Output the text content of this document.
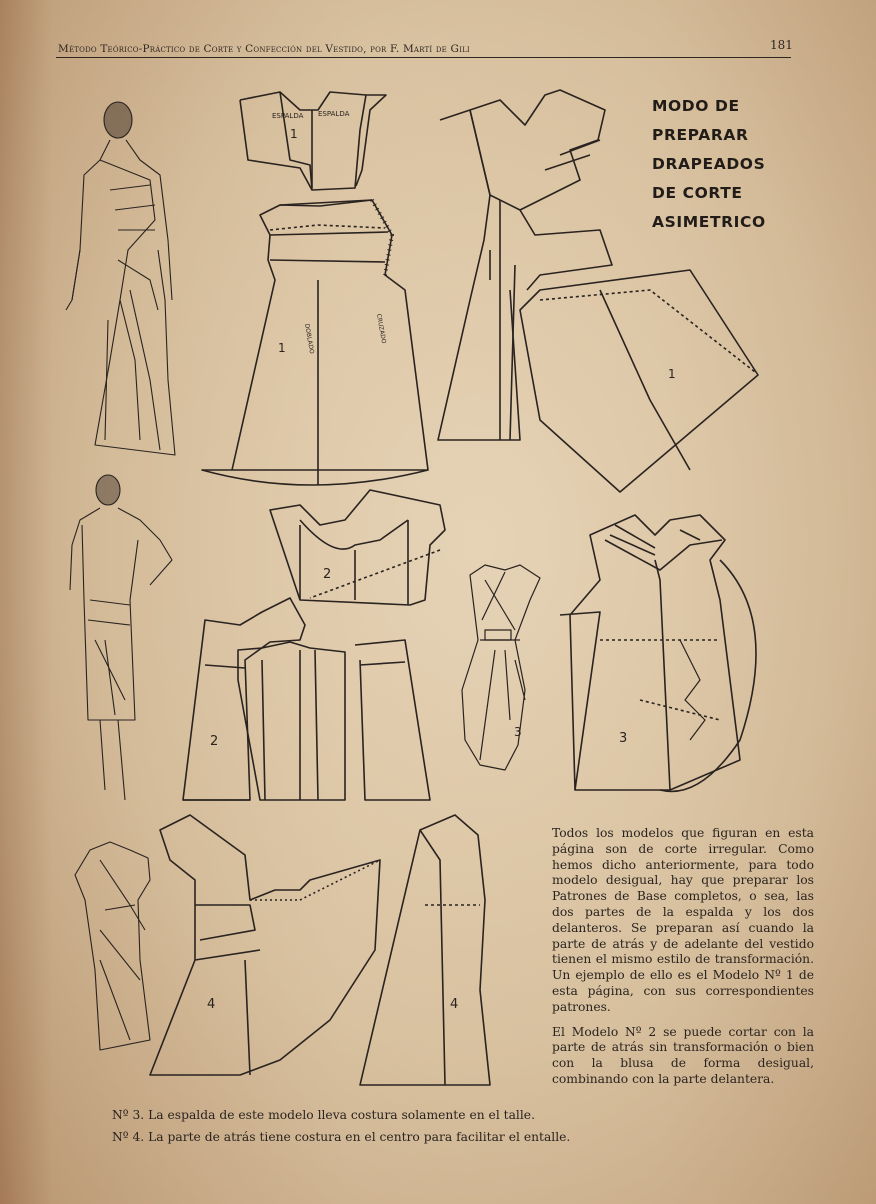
Método Teórico-Práctico de Corte y Confección del Vestido, por F. Martí de Gili	181
MODO DE
PREPARAR
DRAPEADOS
DE CORTE
ASIMETRICO
ESPALDA ESPALDA
1
1	DOBLADO	CRUZADO
1
2
2
3	3
4	4

Todos los modelos que figuran en esta página son de corte irregular. Como hemos dicho anteriormente, para todo modelo desigual, hay que preparar los Patrones de Base completos, o sea, las dos partes de la espalda y los dos delanteros. Se preparan así cuando la parte de atrás y de adelante del vestido tienen el mismo estilo de transformación. Un ejemplo de ello es el Modelo Nº 1 de esta página, con sus correspondientes patrones.

El Modelo Nº 2 se puede cortar con la parte de atrás sin transformación o bien con la blusa de forma desigual, combinando con la parte delantera.

Nº 3. La espalda de este modelo lleva costura solamente en el talle.
Nº 4. La parte de atrás tiene costura en el centro para facilitar el entalle.
